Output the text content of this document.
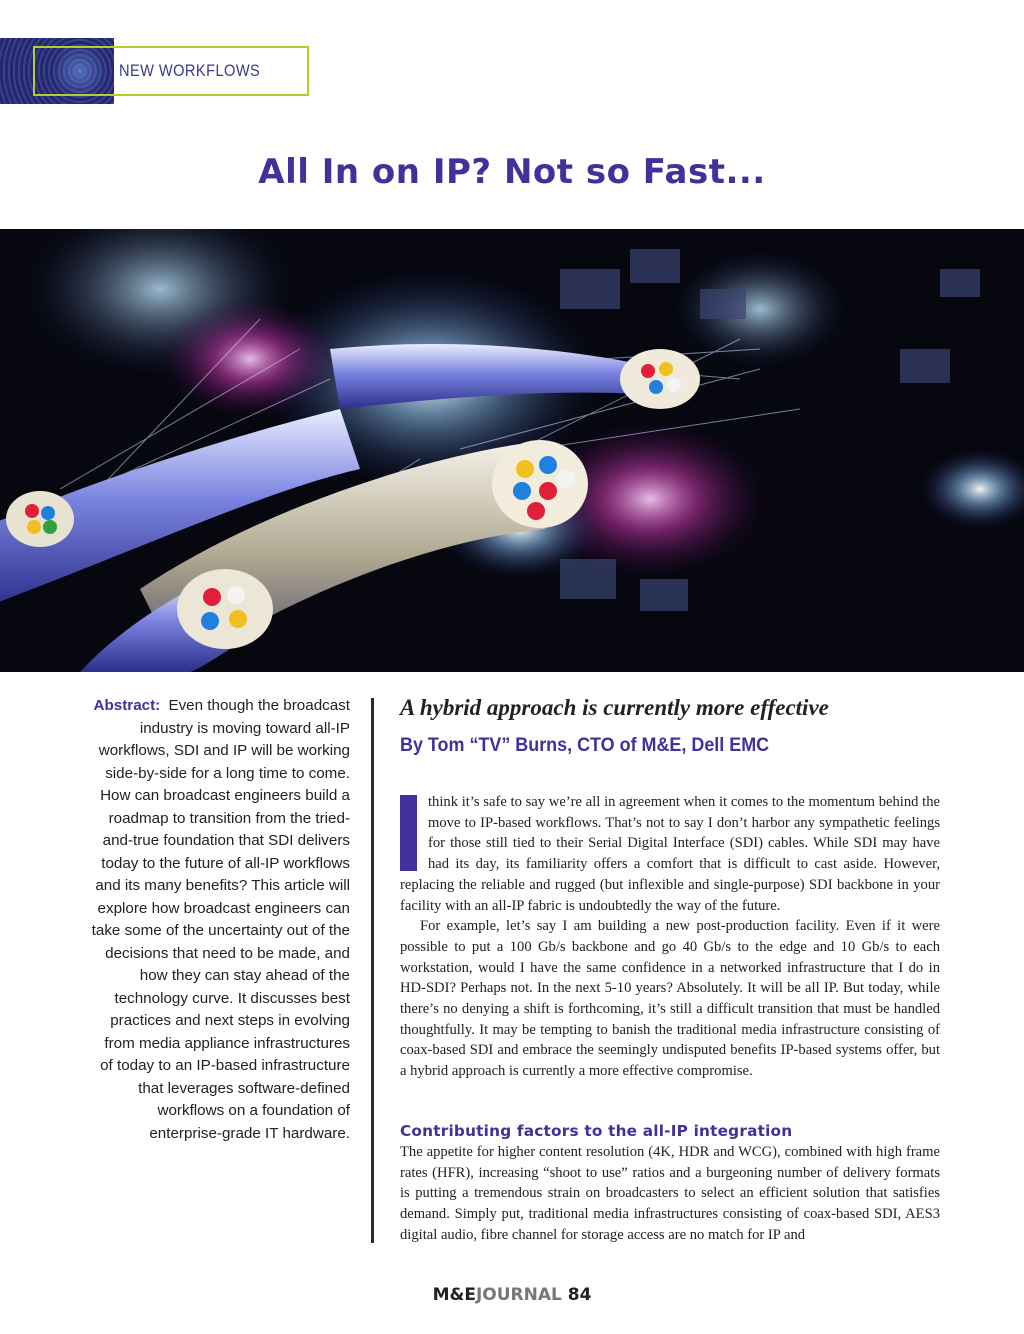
NEW WORKFLOWS
All In on IP? Not so Fast...
Abstract: Even though the broadcast industry is moving toward all-IP workflows, SDI and IP will be working side-by-side for a long time to come. How can broadcast engineers build a roadmap to transition from the tried-and-true foundation that SDI delivers today to the future of all-IP workflows and its many benefits? This article will explore how broadcast engineers can take some of the uncertainty out of the decisions that need to be made, and how they can stay ahead of the technology curve. It discusses best practices and next steps in evolving from media appliance infrastructures of today to an IP-based infrastructure that leverages software-defined workflows on a foundation of enterprise-grade IT hardware.
A hybrid approach is currently more effective
By Tom “TV” Burns, CTO of M&E, Dell EMC

think it’s safe to say we’re all in agreement when it comes to the momentum behind the move to IP-based workflows. That’s not to say I don’t harbor any sympathetic feelings for those still tied to their Serial Digital Interface (SDI) cables. While SDI may have had its day, its familiarity offers a comfort that is difficult to cast aside. However, replacing the reliable and rugged (but inflexible and single-purpose) SDI backbone in your facility with an all-IP fabric is undoubtedly the way of the future.

For example, let’s say I am building a new post-production facility. Even if it were possible to put a 100 Gb/s backbone and go 40 Gb/s to the edge and 10 Gb/s to each workstation, would I have the same confidence in a networked infrastructure that I do in HD-SDI? Perhaps not. In the next 5-10 years? Absolutely. It will be all IP. But today, while there’s no denying a shift is forthcoming, it’s still a difficult transition that must be handled thoughtfully. It may be tempting to banish the traditional media infrastructure consisting of coax-based SDI and embrace the seemingly undisputed benefits IP-based systems offer, but a hybrid approach is currently a more effective compromise.

Contributing factors to the all-IP integration

The appetite for higher content resolution (4K, HDR and WCG), combined with high frame rates (HFR), increasing “shoot to use” ratios and a burgeoning number of delivery formats is putting a tremendous strain on broadcasters to select an efficient solution that satisfies demand. Simply put, traditional media infrastructures consisting of coax-based SDI, AES3 digital audio, fibre channel for storage access are no match for IP and

M&EJOURNAL 84
